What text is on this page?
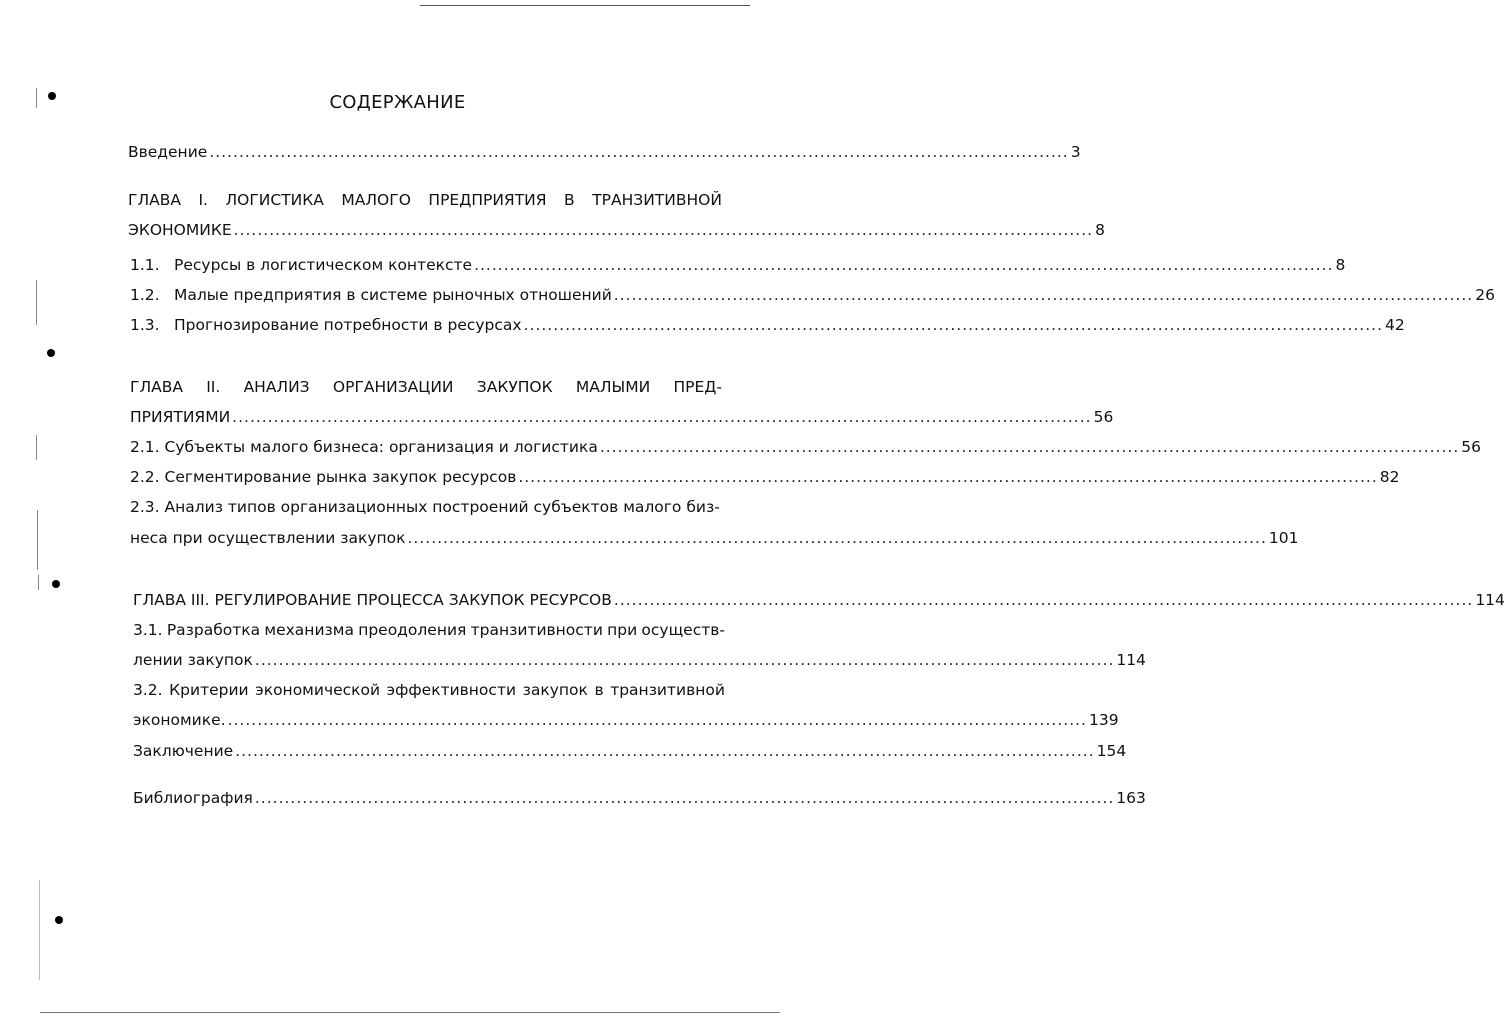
СОДЕРЖАНИЕ
Введение ................................................................................................................................................. 3
ГЛАВА I. ЛОГИСТИКА МАЛОГО ПРЕДПРИЯТИЯ В ТРАНЗИТИВНОЙ
ЭКОНОМИКЕ ................................................................................................................................................. 8
1.1. Ресурсы в логистическом контексте ................................................................................................................................................. 8
1.2. Малые предприятия в системе рыночных отношений ................................................................................................................................................. 26
1.3. Прогнозирование потребности в ресурсах ................................................................................................................................................. 42
ГЛАВА II. АНАЛИЗ ОРГАНИЗАЦИИ ЗАКУПОК МАЛЫМИ ПРЕД-
ПРИЯТИЯМИ ................................................................................................................................................. 56
2.1. Субъекты малого бизнеса: организация и логистика ................................................................................................................................................. 56
2.2. Сегментирование рынка закупок ресурсов ................................................................................................................................................. 82
2.3. Анализ типов организационных построений субъектов малого биз-
неса при осуществлении закупок ................................................................................................................................................. 101
ГЛАВА III. РЕГУЛИРОВАНИЕ ПРОЦЕССА ЗАКУПОК РЕСУРСОВ ................................................................................................................................................. 114
3.1. Разработка механизма преодоления транзитивности при осуществ-
лении закупок ................................................................................................................................................. 114
3.2. Критерии экономической эффективности закупок в транзитивной
экономике. ................................................................................................................................................. 139
Заключение ................................................................................................................................................. 154
Библиография ................................................................................................................................................. 163
